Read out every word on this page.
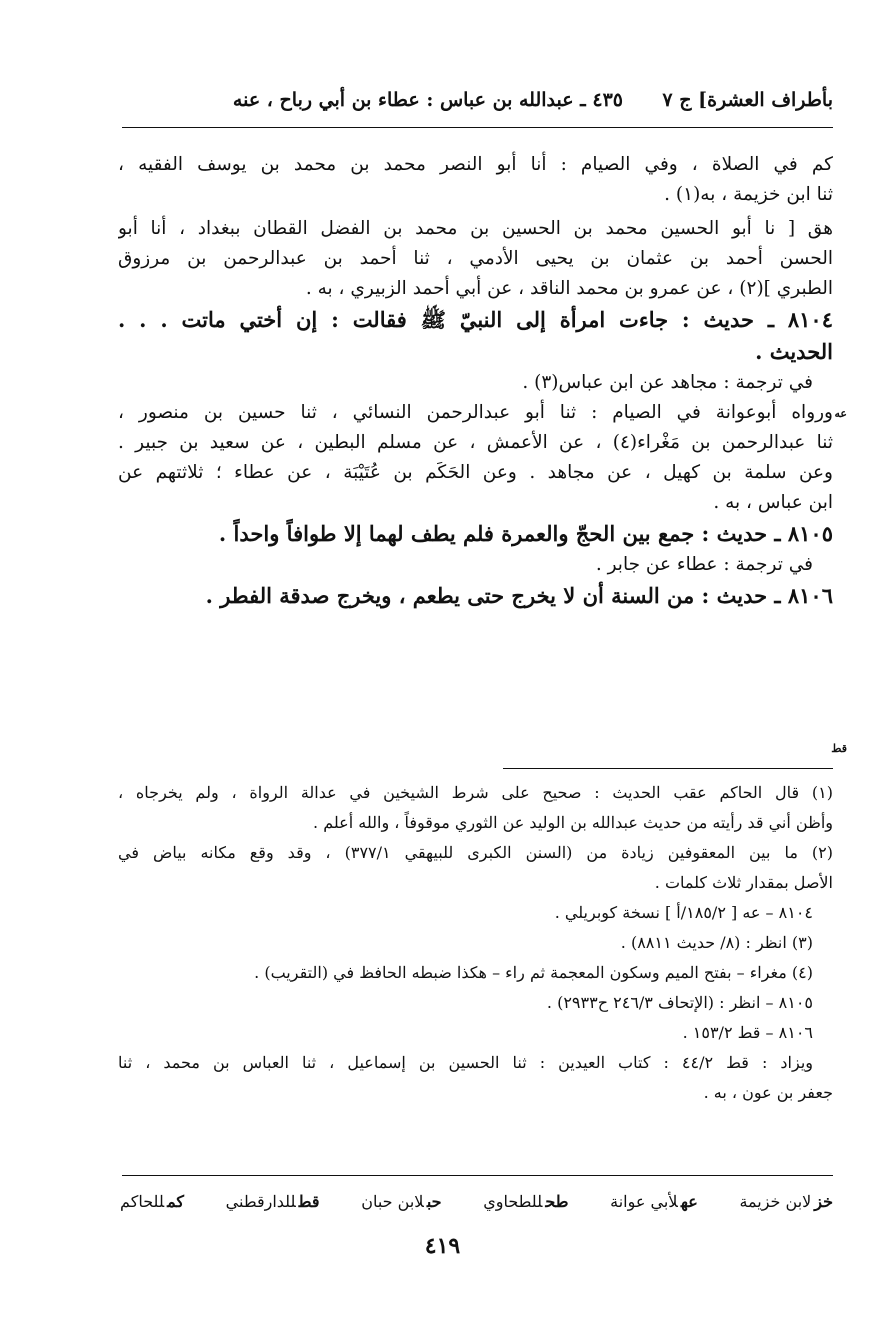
بأطراف العشرة] ج ٧
٤٣٥ ـ عبدالله بن عباس : عطاء بن أبي رباح ، عنه
كم في الصلاة ، وفي الصيام : أنا أبو النصر محمد بن محمد بن يوسف الفقيه ،
ثنا ابن خزيمة ، به(١) .
هق [ نا أبو الحسين محمد بن الحسين بن محمد بن الفضل القطان ببغداد ، أنا أبو
الحسن أحمد بن عثمان بن يحيى الأدمي ، ثنا أحمد بن عبدالرحمن بن مرزوق
الطبري ](٢) ، عن عمرو بن محمد الناقد ، عن أبي أحمد الزبيري ، به .
٨١٠٤ ـ حديث : جاءت امرأة إلى النبيّ ﷺ فقالت : إن أختي ماتت . . .
الحديث .
في ترجمة : مجاهد عن ابن عباس(٣) .
ورواه أبوعوانة في الصيام : ثنا أبو عبدالرحمن النسائي ، ثنا حسين بن منصور ،
ثنا عبدالرحمن بن مَغْراء(٤) ، عن الأعمش ، عن مسلم البطين ، عن سعيد بن جبير .
وعن سلمة بن كهيل ، عن مجاهد . وعن الحَكَم بن عُتَيْبَة ، عن عطاء ؛ ثلاثتهم عن
ابن عباس ، به .
٨١٠٥ ـ حديث : جمع بين الحجّ والعمرة فلم يطف لهما إلا طوافاً واحداً .
في ترجمة : عطاء عن جابر .
٨١٠٦ ـ حديث : من السنة أن لا يخرج حتى يطعم ، ويخرج صدقة الفطر .
عه
قط
(١) قال الحاكم عقب الحديث : صحيح على شرط الشيخين في عدالة الرواة ، ولم يخرجاه ،
وأظن أني قد رأيته من حديث عبدالله بن الوليد عن الثوري موقوفاً ، والله أعلم .
(٢) ما بين المعقوفين زيادة من (السنن الكبرى للبيهقي ٣٧٧/١) ، وقد وقع مكانه بياض في
الأصل بمقدار ثلاث كلمات .
٨١٠٤ – عه [ ١٨٥/٢/أ ] نسخة كوبريلي .
(٣) انظر : (٨/ حديث ٨٨١١) .
(٤) مغراء – بفتح الميم وسكون المعجمة ثم راء – هكذا ضبطه الحافظ في (التقريب) .
٨١٠٥ – انظر : (الإتحاف ٢٤٦/٣ ح٢٩٣٣) .
٨١٠٦ – قط ١٥٣/٢ .
ويزاد : قط ٤٤/٢ : كتاب العيدين : ثنا الحسين بن إسماعيل ، ثنا العباس بن محمد ، ثنا
جعفر بن عون ، به .
خزلابن خزيمة
عهلأبي عوانة
طحللطحاوي
حبلابن حبان
قطللدارقطني
كمللحاكم
٤١٩
